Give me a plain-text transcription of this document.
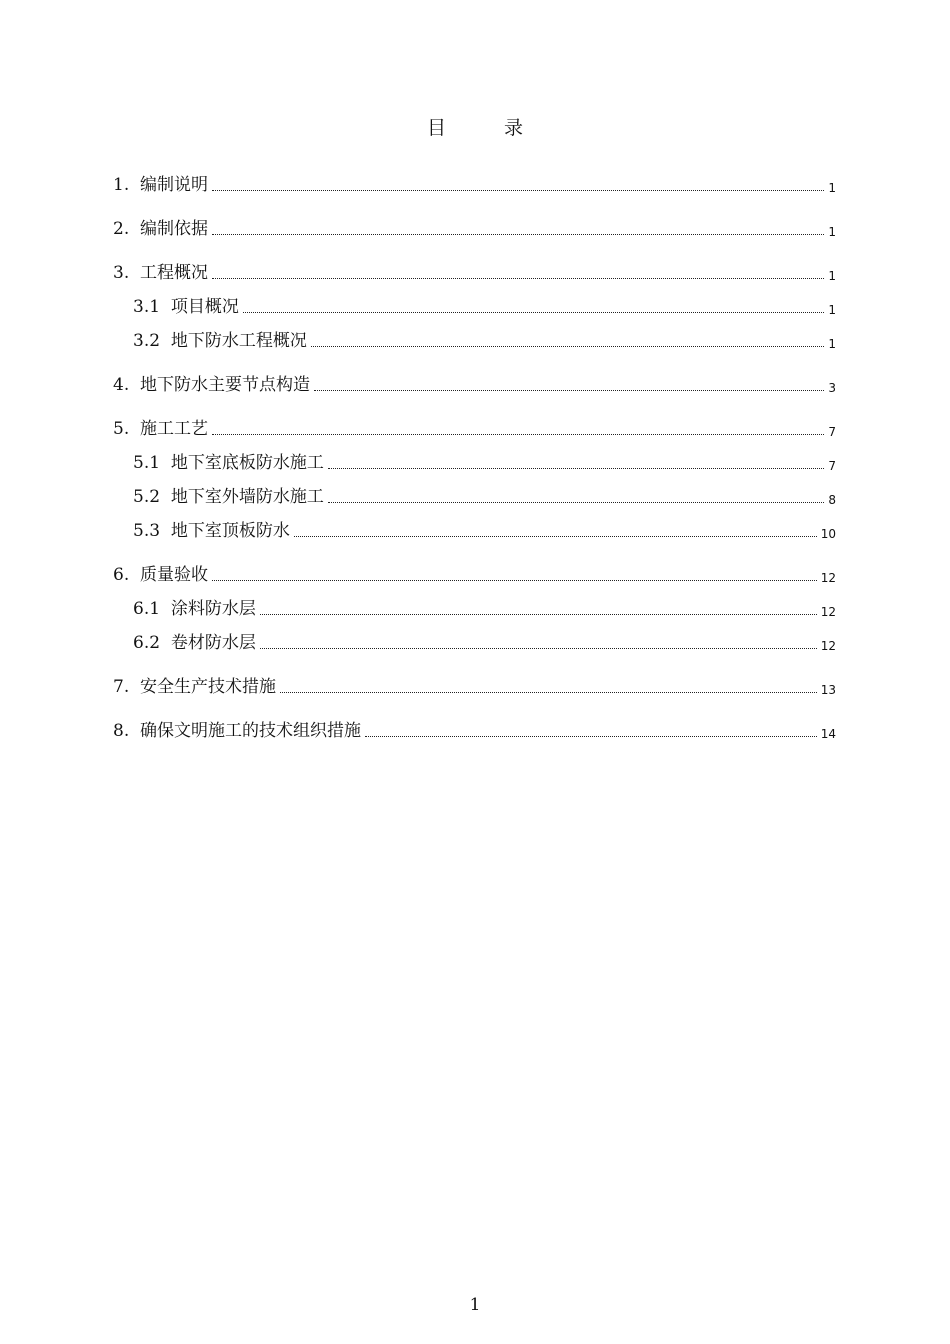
目 录
1. 编制说明	1
2. 编制依据	1
3. 工程概况	1
3.1 项目概况	1
3.2 地下防水工程概况	1
4. 地下防水主要节点构造	3
5. 施工工艺	7
5.1 地下室底板防水施工	7
5.2 地下室外墙防水施工	8
5.3 地下室顶板防水	10
6. 质量验收	12
6.1 涂料防水层	12
6.2 卷材防水层	12
7. 安全生产技术措施	13
8. 确保文明施工的技术组织措施	14
1
